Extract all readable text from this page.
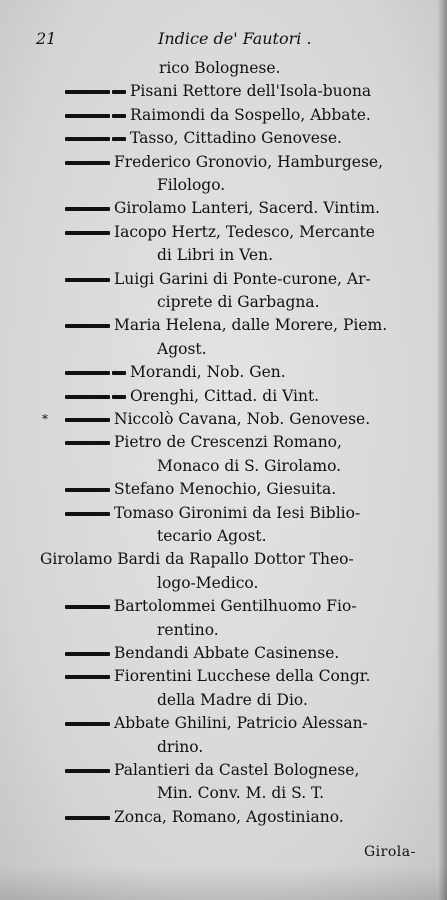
21	Indice de' Fautori .
rico Bolognese.
Pisani Rettore dell'Isola-buona
Raimondi da Sospello, Abbate.
Tasso, Cittadino Genovese.
Frederico Gronovio, Hamburgese,
Filologo.
Girolamo Lanteri, Sacerd. Vintim.
Iacopo Hertz, Tedesco, Mercante
di Libri in Ven.
Luigi Garini di Ponte-curone, Ar-
ciprete di Garbagna.
Maria Helena, dalle Morere, Piem.
Agost.
Morandi, Nob. Gen.
Orenghi, Cittad. di Vint.
Niccolò Cavana, Nob. Genovese.
*
Pietro de Crescenzi Romano,
Monaco di S. Girolamo.
Stefano Menochio, Giesuita.
Tomaso Gironimi da Iesi Biblio-
tecario Agost.
Girolamo Bardi da Rapallo Dottor Theo-
logo-Medico.
Bartolommei Gentilhuomo Fio-
rentino.
Bendandi Abbate Casinense.
Fiorentini Lucchese della Congr.
della Madre di Dio.
Abbate Ghilini, Patricio Alessan-
drino.
Palantieri da Castel Bolognese,
Min. Conv. M. di S. T.
Zonca, Romano, Agostiniano.
Girola-
